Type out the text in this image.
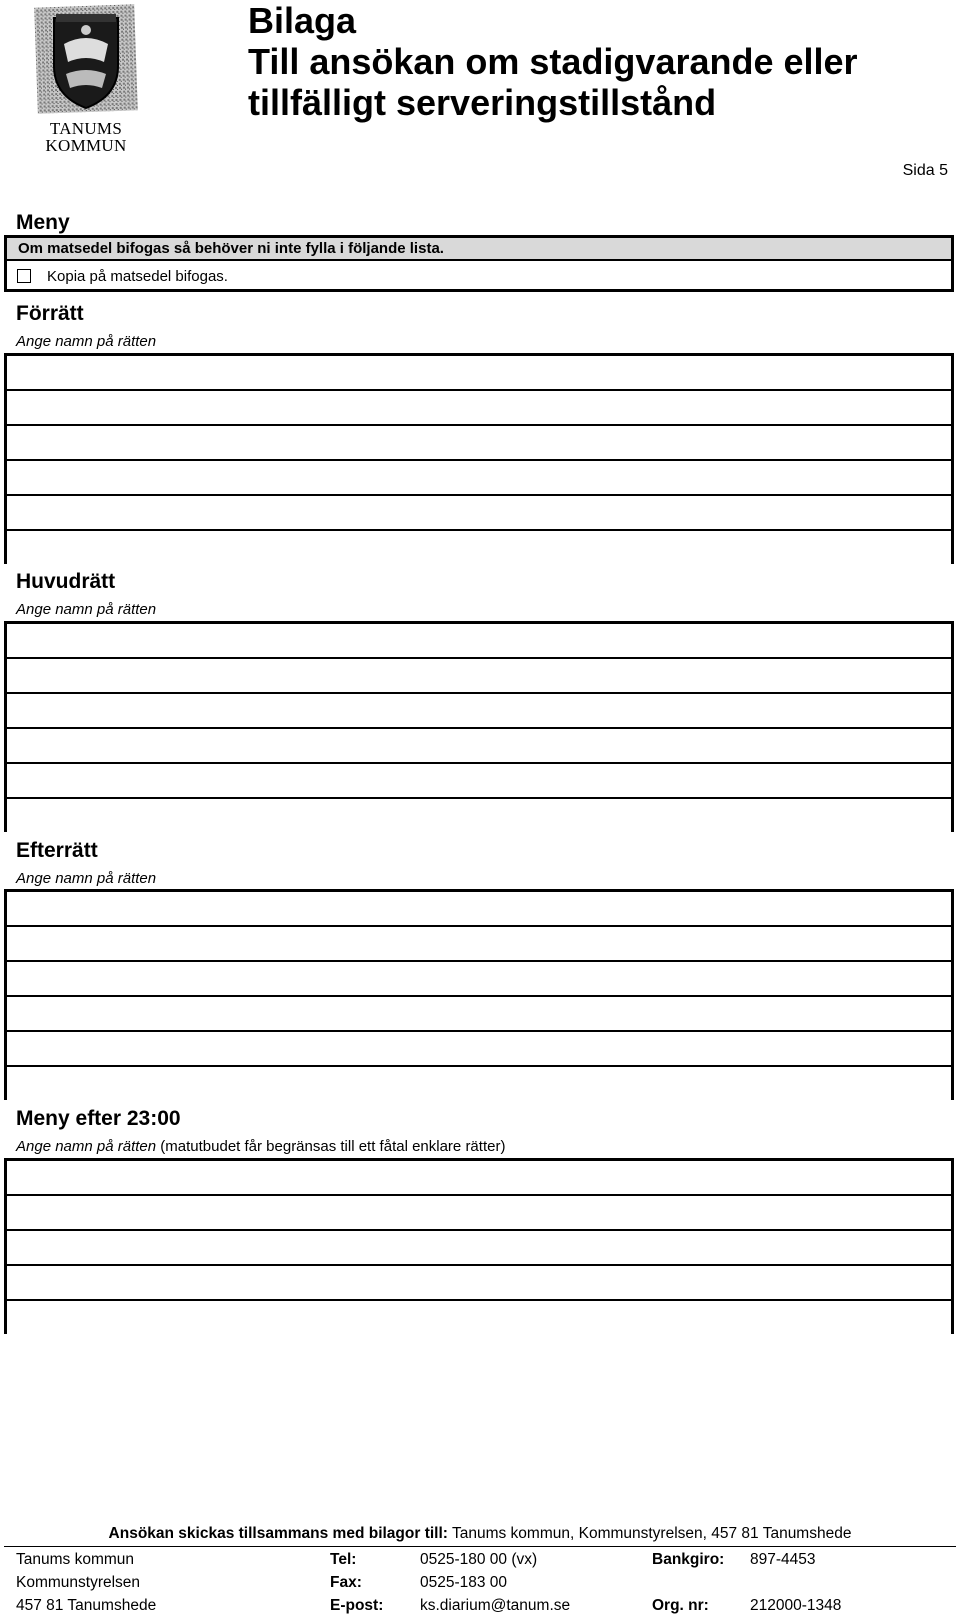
TANUMS
KOMMUN
Bilaga
Till ansökan om stadigvarande eller
tillfälligt serveringstillstånd
Sida 5
Meny
Om matsedel bifogas så behöver ni inte fylla i följande lista.
Kopia på matsedel bifogas.
Förrätt
Ange namn på rätten
Huvudrätt
Ange namn på rätten
Efterrätt
Ange namn på rätten
Meny efter 23:00
Ange namn på rätten (matutbudet får begränsas till ett fåtal enklare rätter)
Ansökan skickas tillsammans med bilagor till: Tanums kommun, Kommunstyrelsen, 457 81 Tanumshede
Tanums kommun	Tel:	0525-180 00 (vx)	Bankgiro: 897-4453
Kommunstyrelsen	Fax:	0525-183 00
457 81 Tanumshede	E-post: ks.diarium@tanum.se	Org. nr:	212000-1348
